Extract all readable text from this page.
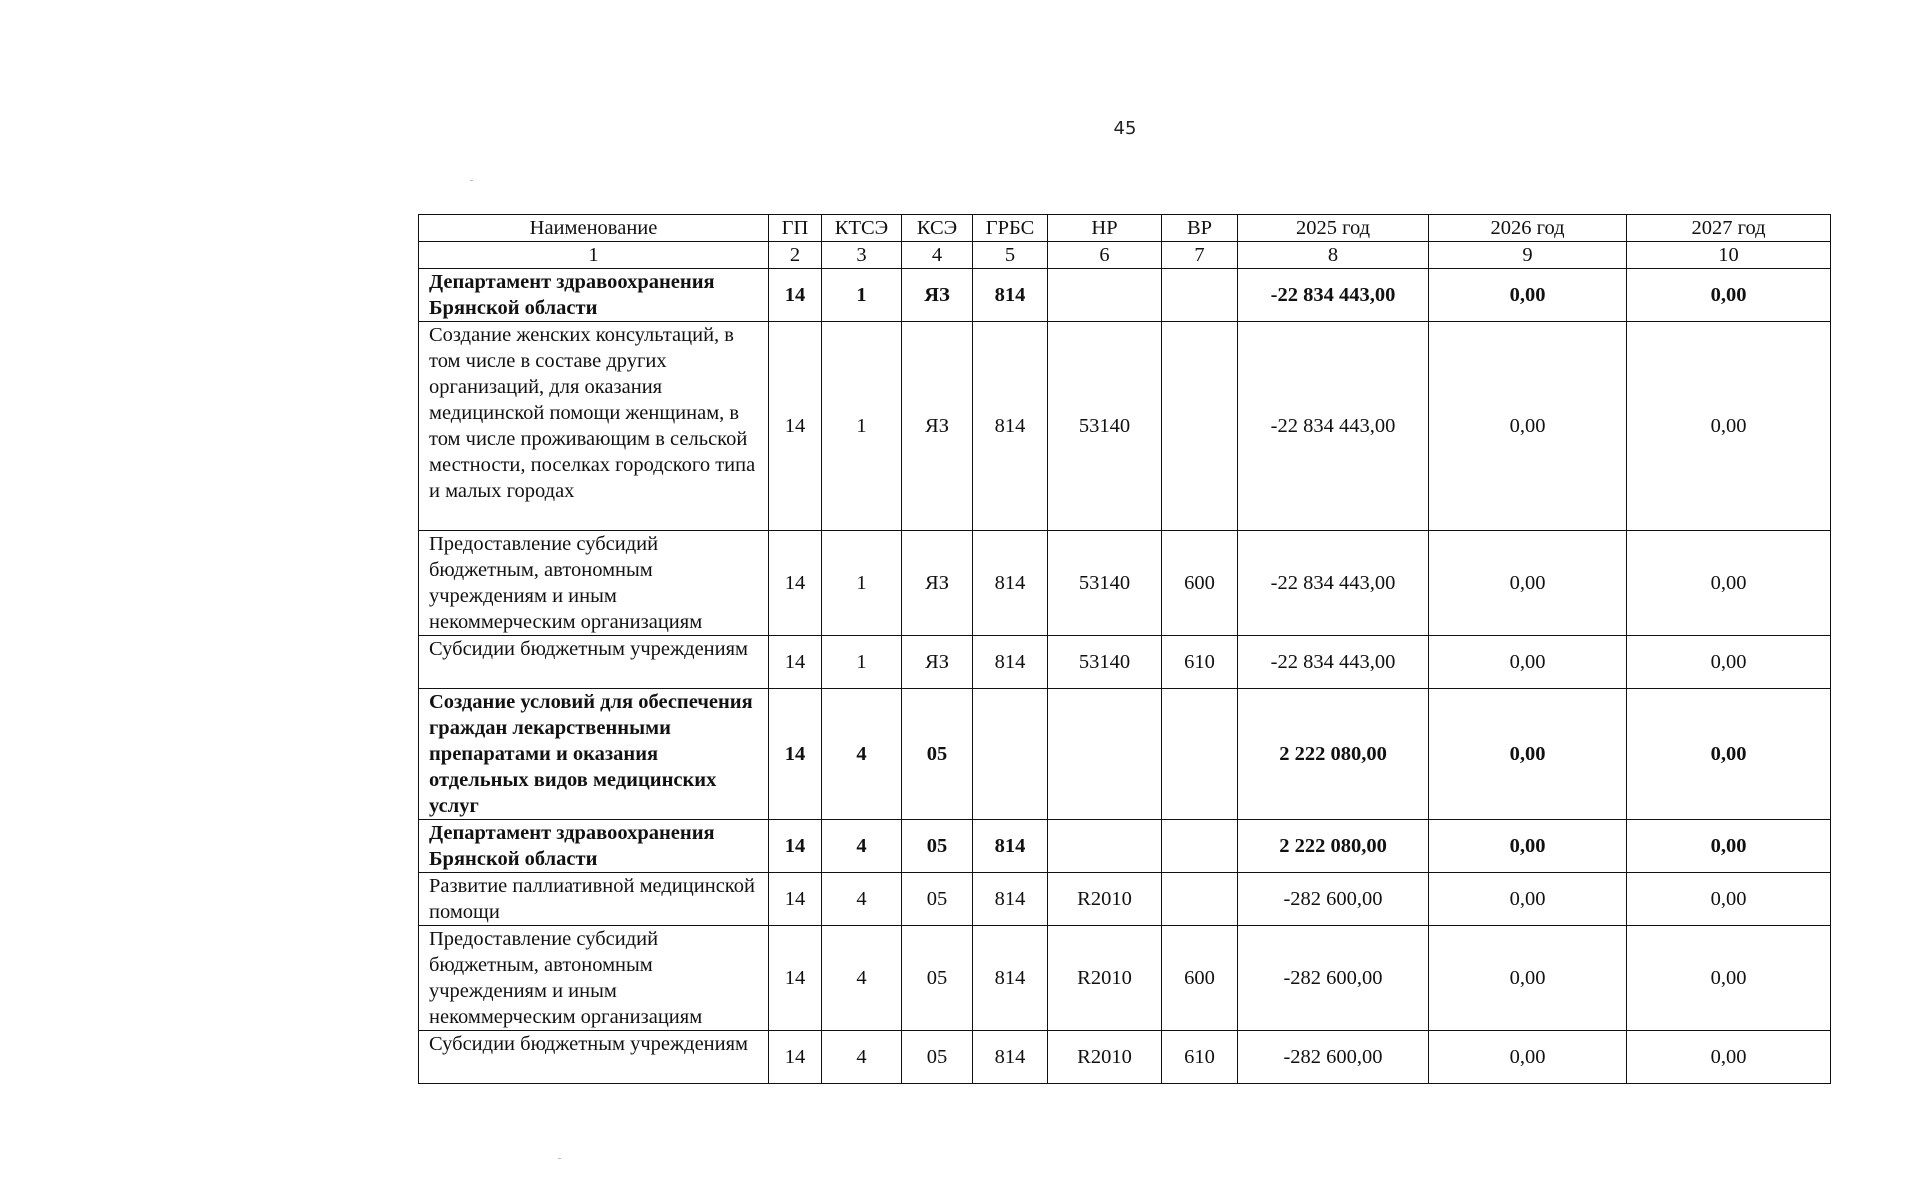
45
Наименование	ГП	КТСЭ	КСЭ	ГРБС	НР	ВР	2025 год	2026 год	2027 год
1	2	3	4	5	6	7	8	9	10
Департамент здравоохранения Брянской области	14	1	ЯЗ	814			-22 834 443,00	0,00	0,00
Создание женских консультаций, в том числе в составе других организаций, для оказания медицинской помощи женщинам, в том числе проживающим в сельской местности, поселках городского типа и малых городах	14	1	ЯЗ	814	53140		-22 834 443,00	0,00	0,00
Предоставление субсидий бюджетным, автономным учреждениям и иным некоммерческим организациям	14	1	ЯЗ	814	53140	600	-22 834 443,00	0,00	0,00
Субсидии бюджетным учреждениям	14	1	ЯЗ	814	53140	610	-22 834 443,00	0,00	0,00
Создание условий для обеспечения граждан лекарственными препаратами и оказания отдельных видов медицинских услуг	14	4	05				2 222 080,00	0,00	0,00
Департамент здравоохранения Брянской области	14	4	05	814			2 222 080,00	0,00	0,00
Развитие паллиативной медицинской помощи	14	4	05	814	R2010		-282 600,00	0,00	0,00
Предоставление субсидий бюджетным, автономным учреждениям и иным некоммерческим организациям	14	4	05	814	R2010	600	-282 600,00	0,00	0,00
Субсидии бюджетным учреждениям	14	4	05	814	R2010	610	-282 600,00	0,00	0,00
